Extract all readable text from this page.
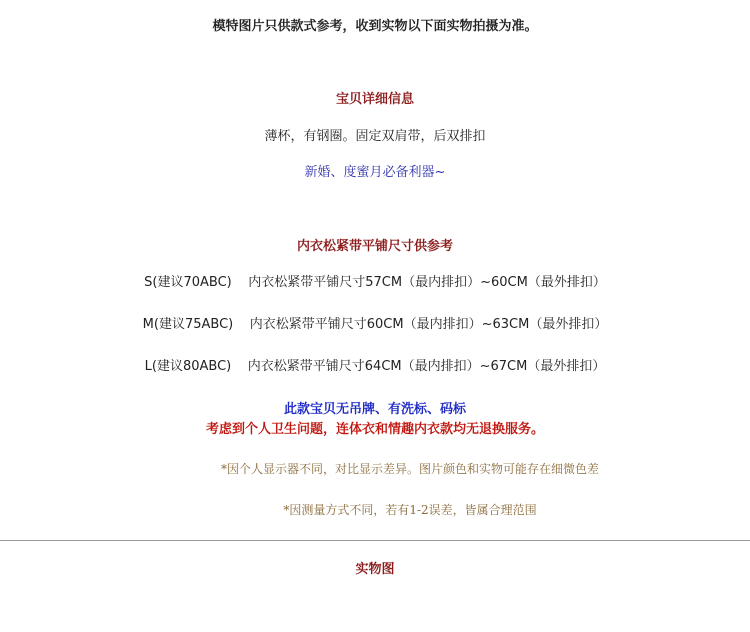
模特图片只供款式参考，收到实物以下面实物拍摄为准。
宝贝详细信息
薄杯，有钢圈。固定双肩带，后双排扣
新婚、度蜜月必备利器~
内衣松紧带平铺尺寸供参考
S(建议70ABC)    内衣松紧带平铺尺寸57CM（最内排扣）~60CM（最外排扣）
M(建议75ABC)    内衣松紧带平铺尺寸60CM（最内排扣）~63CM（最外排扣）
L(建议80ABC)    内衣松紧带平铺尺寸64CM（最内排扣）~67CM（最外排扣）
此款宝贝无吊牌、有洗标、码标
考虑到个人卫生问题，连体衣和情趣内衣款均无退换服务。
*因个人显示器不同，对比显示差异。图片颜色和实物可能存在细微色差
*因测量方式不同，若有1-2误差，皆属合理范围
实物图
